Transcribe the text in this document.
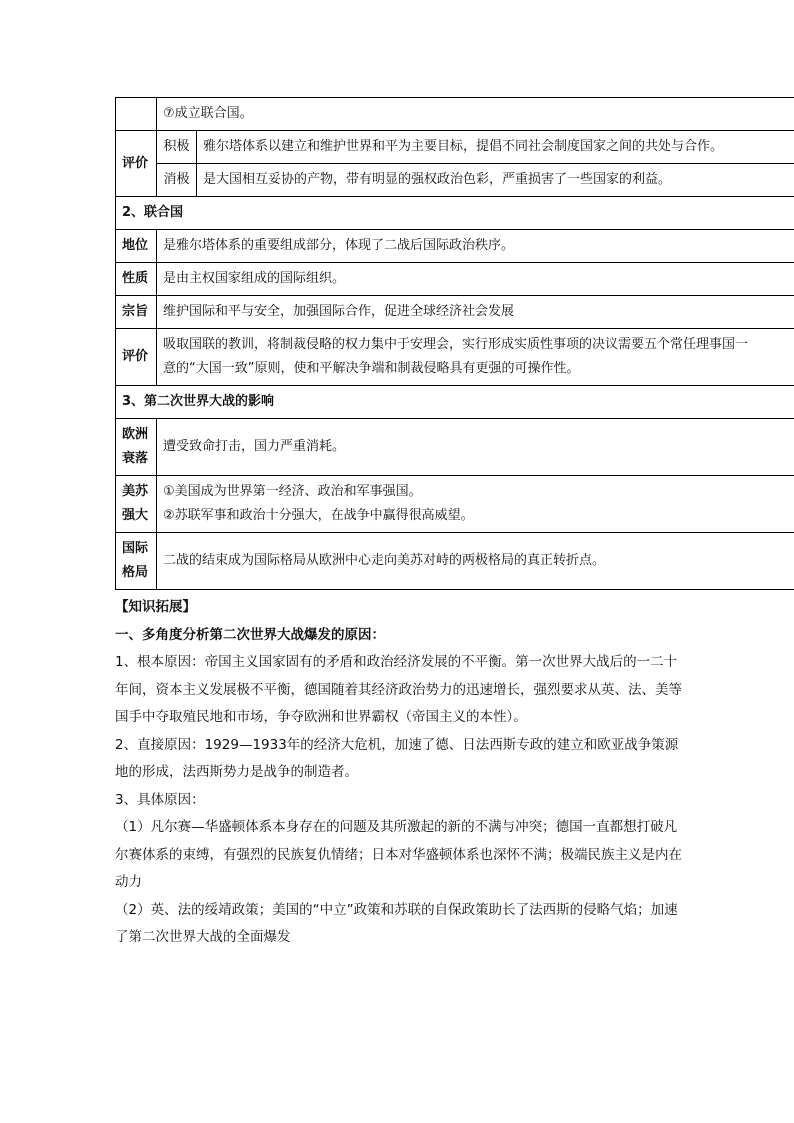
	⑦成立联合国。	
评价	积极	雅尔塔体系以建立和维护世界和平为主要目标，提倡不同社会制度国家之间的共处与合作。

	消极	是大国相互妥协的产物，带有明显的强权政治色彩，严重损害了一些国家的利益。

2、联合国		
地位	是雅尔塔体系的重要组成部分，体现了二战后国际政治秩序。	
性质	是由主权国家组成的国际组织。	
宗旨	维护国际和平与安全，加强国际合作，促进全球经济社会发展	
评价	吸取国联的教训，将制裁侵略的权力集中于安理会，实行形成实质性事项的决议需要五个常任理事国一
意的“大国一致”原则，使和平解决争端和制裁侵略具有更强的可操作性。	

3、第二次世界大战的影响		

欧洲
衰落	遭受致命打击，国力严重消耗。	

美苏
强大	①美国成为世界第一经济、政治和军事强国。
②苏联军事和政治十分强大，在战争中赢得很高威望。	

国际
格局	二战的结束成为国际格局从欧洲中心走向美苏对峙的两极格局的真正转折点。	

【知识拓展】

一、多角度分析第二次世界大战爆发的原因：

1、根本原因：帝国主义国家固有的矛盾和政治经济发展的不平衡。第一次世界大战后的一二十年间，资本主义发展极不平衡，德国随着其经济政治势力的迅速增长，强烈要求从英、法、美等国手中夺取殖民地和市场，争夺欧洲和世界霸权（帝国主义的本性）。

2、直接原因：1929—1933年的经济大危机，加速了德、日法西斯专政的建立和欧亚战争策源地的形成，法西斯势力是战争的制造者。

3、具体原因：

（1）凡尔赛—华盛顿体系本身存在的问题及其所激起的新的不满与冲突；德国一直都想打破凡尔赛体系的束缚，有强烈的民族复仇情绪；日本对华盛顿体系也深怀不满；极端民族主义是内在动力

（2）英、法的绥靖政策；美国的“中立”政策和苏联的自保政策助长了法西斯的侵略气焰；加速了第二次世界大战的全面爆发
